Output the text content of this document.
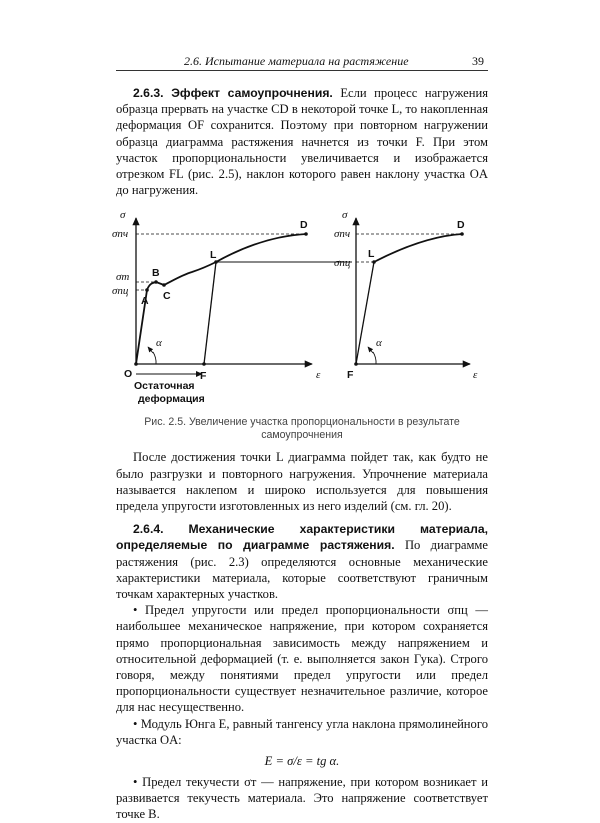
2.6. Испытание материала на растяжение	39

2.6.3. Эффект самоупрочнения. Если процесс нагружения образца прервать на участке CD в некоторой точке L, то накопленная деформация OF сохранится. Поэтому при повторном нагружении образца диаграмма растяжения начнется из точки F. При этом участок пропорциональности увеличивается и изображается отрезком FL (рис. 2.5), наклон которого равен наклону участка OA до нагружения.

σ
σпч
σт
σпц
A
B
C
L
D
O	F	ε
α
Остаточная
деформация
σ
σпч
σпц
L
D
F	ε
α
Рис. 2.5. Увеличение участка пропорциональности в результате самоупрочнения

После достижения точки L диаграмма пойдет так, как будто не было разгрузки и повторного нагружения. Упрочнение материала называется наклепом и широко используется для повышения предела упругости изготовленных из него изделий (см. гл. 20).

2.6.4. Механические характеристики материала, определяемые по диаграмме растяжения. По диаграмме растяжения (рис. 2.3) определяются основные механические характеристики материала, которые соответствуют граничным точкам характерных участков.

• Предел упругости или предел пропорциональности σпц — наибольшее механическое напряжение, при котором сохраняется прямо пропорциональная зависимость между напряжением и относительной деформацией (т. е. выполняется закон Гука). Строго говоря, между понятиями предел упругости или предел пропорциональности существует незначительное различие, которое для нас несущественно.

• Модуль Юнга E, равный тангенсу угла наклона прямолинейного участка OA:

E = σ/ε = tg α.

• Предел текучести σт — напряжение, при котором возникает и развивается текучесть материала. Это напряжение соответствует точке B.
